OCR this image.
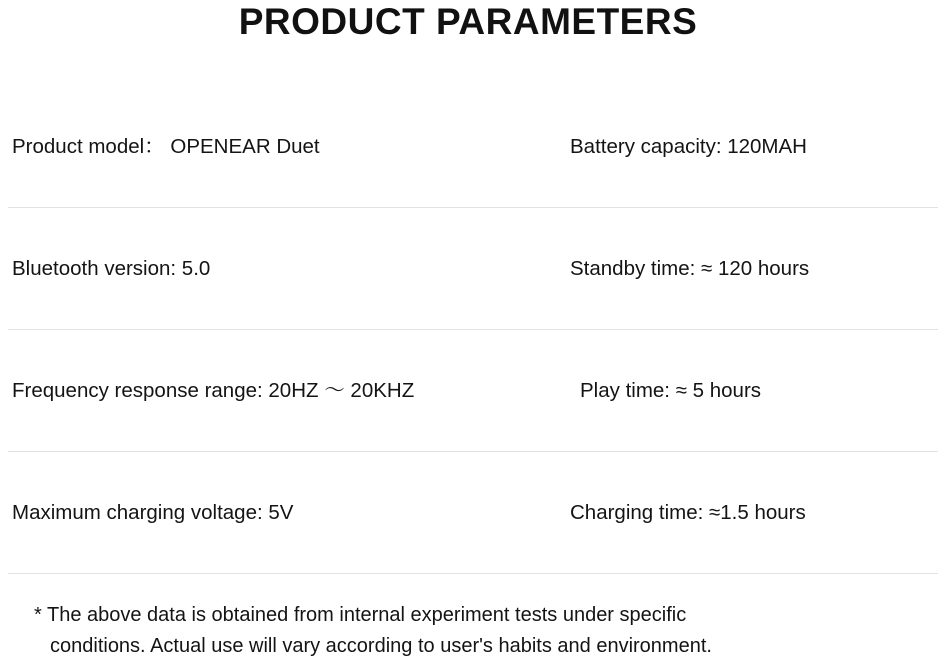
PRODUCT PARAMETERS
Product model： OPENEAR Duet	Battery capacity: 120MAH
Bluetooth version: 5.0	Standby time: ≈ 120 hours
Frequency response range: 20HZ ～ 20KHZ	Play time: ≈ 5 hours
Maximum charging voltage: 5V	Charging time: ≈1.5 hours
* The above data is obtained from internal experiment tests under specific
conditions. Actual use will vary according to user's habits and environment.
